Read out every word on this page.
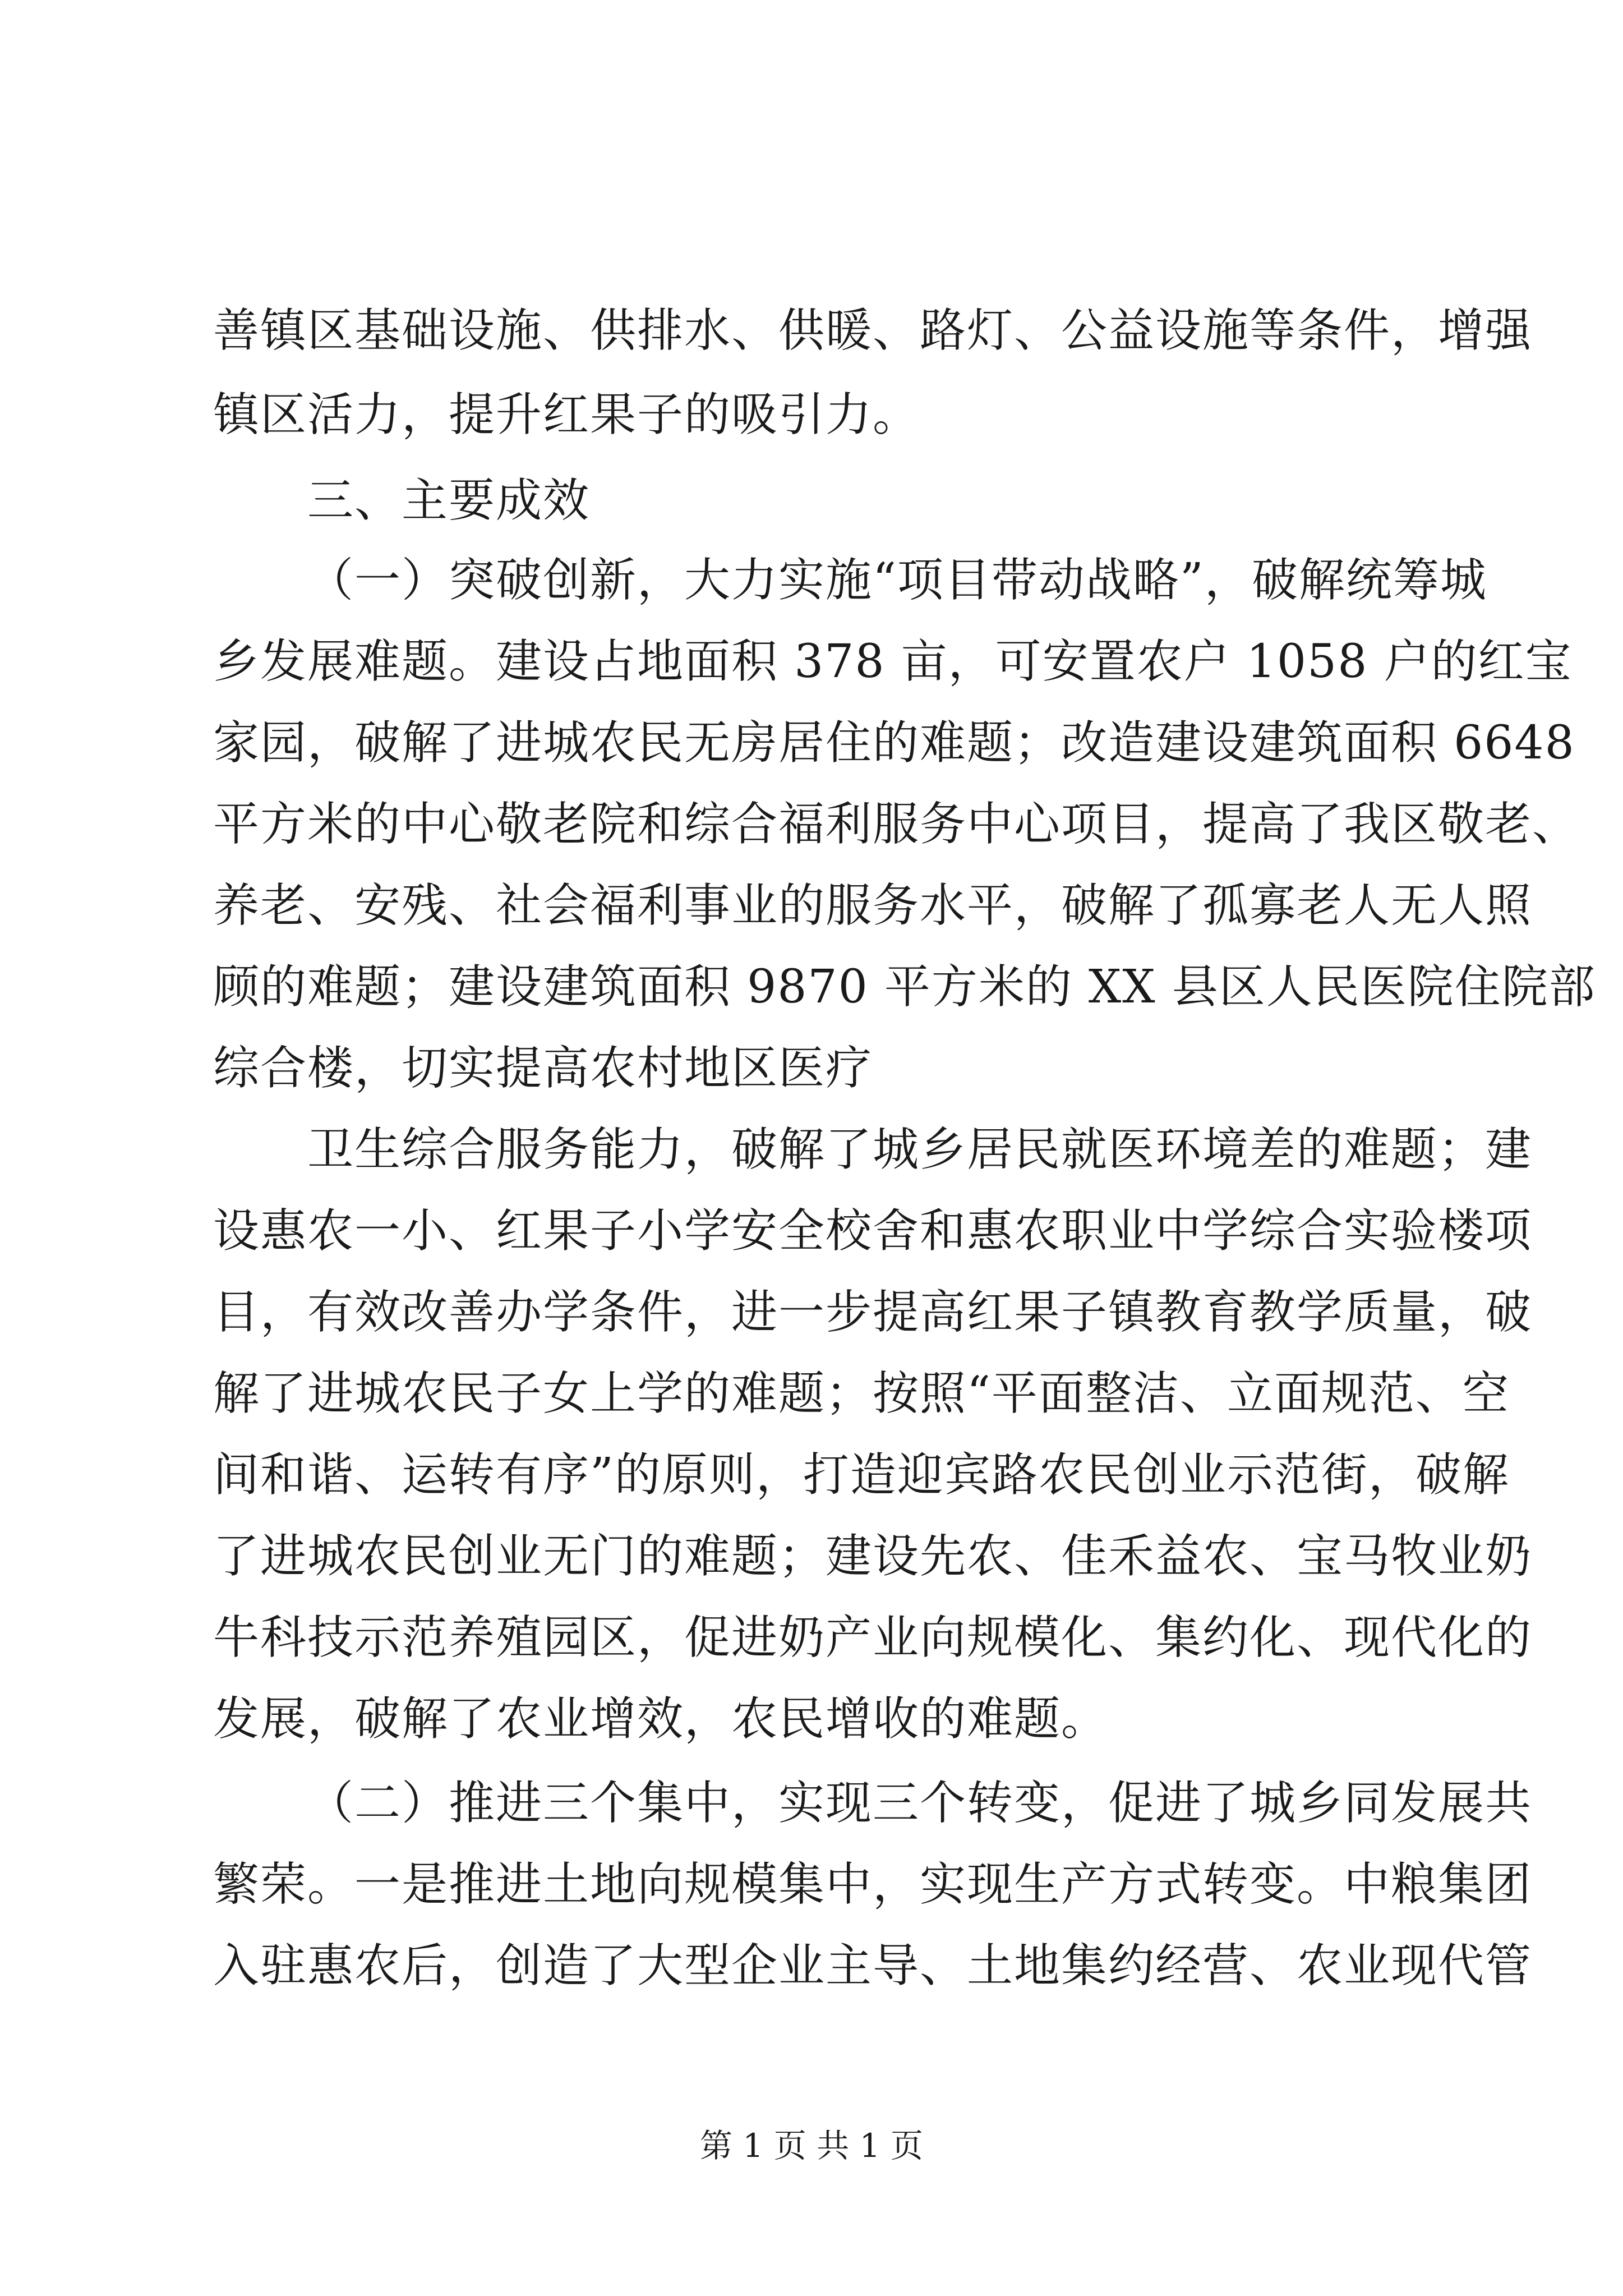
善镇区基础设施、供排水、供暖、路灯、公益设施等条件，增强
镇区活力，提升红果子的吸引力。
三、主要成效
（一）突破创新，大力实施“项目带动战略”，破解统筹城
乡发展难题。建设占地面积 378 亩，可安置农户 1058 户的红宝
家园，破解了进城农民无房居住的难题；改造建设建筑面积 6648
平方米的中心敬老院和综合福利服务中心项目，提高了我区敬老、
养老、安残、社会福利事业的服务水平，破解了孤寡老人无人照
顾的难题；建设建筑面积 9870 平方米的 XX 县区人民医院住院部
综合楼，切实提高农村地区医疗
卫生综合服务能力，破解了城乡居民就医环境差的难题；建
设惠农一小、红果子小学安全校舍和惠农职业中学综合实验楼项
目，有效改善办学条件，进一步提高红果子镇教育教学质量，破
解了进城农民子女上学的难题；按照“平面整洁、立面规范、空
间和谐、运转有序”的原则，打造迎宾路农民创业示范街，破解
了进城农民创业无门的难题；建设先农、佳禾益农、宝马牧业奶
牛科技示范养殖园区，促进奶产业向规模化、集约化、现代化的
发展，破解了农业增效，农民增收的难题。
（二）推进三个集中，实现三个转变，促进了城乡同发展共
繁荣。一是推进土地向规模集中，实现生产方式转变。中粮集团
入驻惠农后，创造了大型企业主导、土地集约经营、农业现代管
第 1 页 共 1 页
